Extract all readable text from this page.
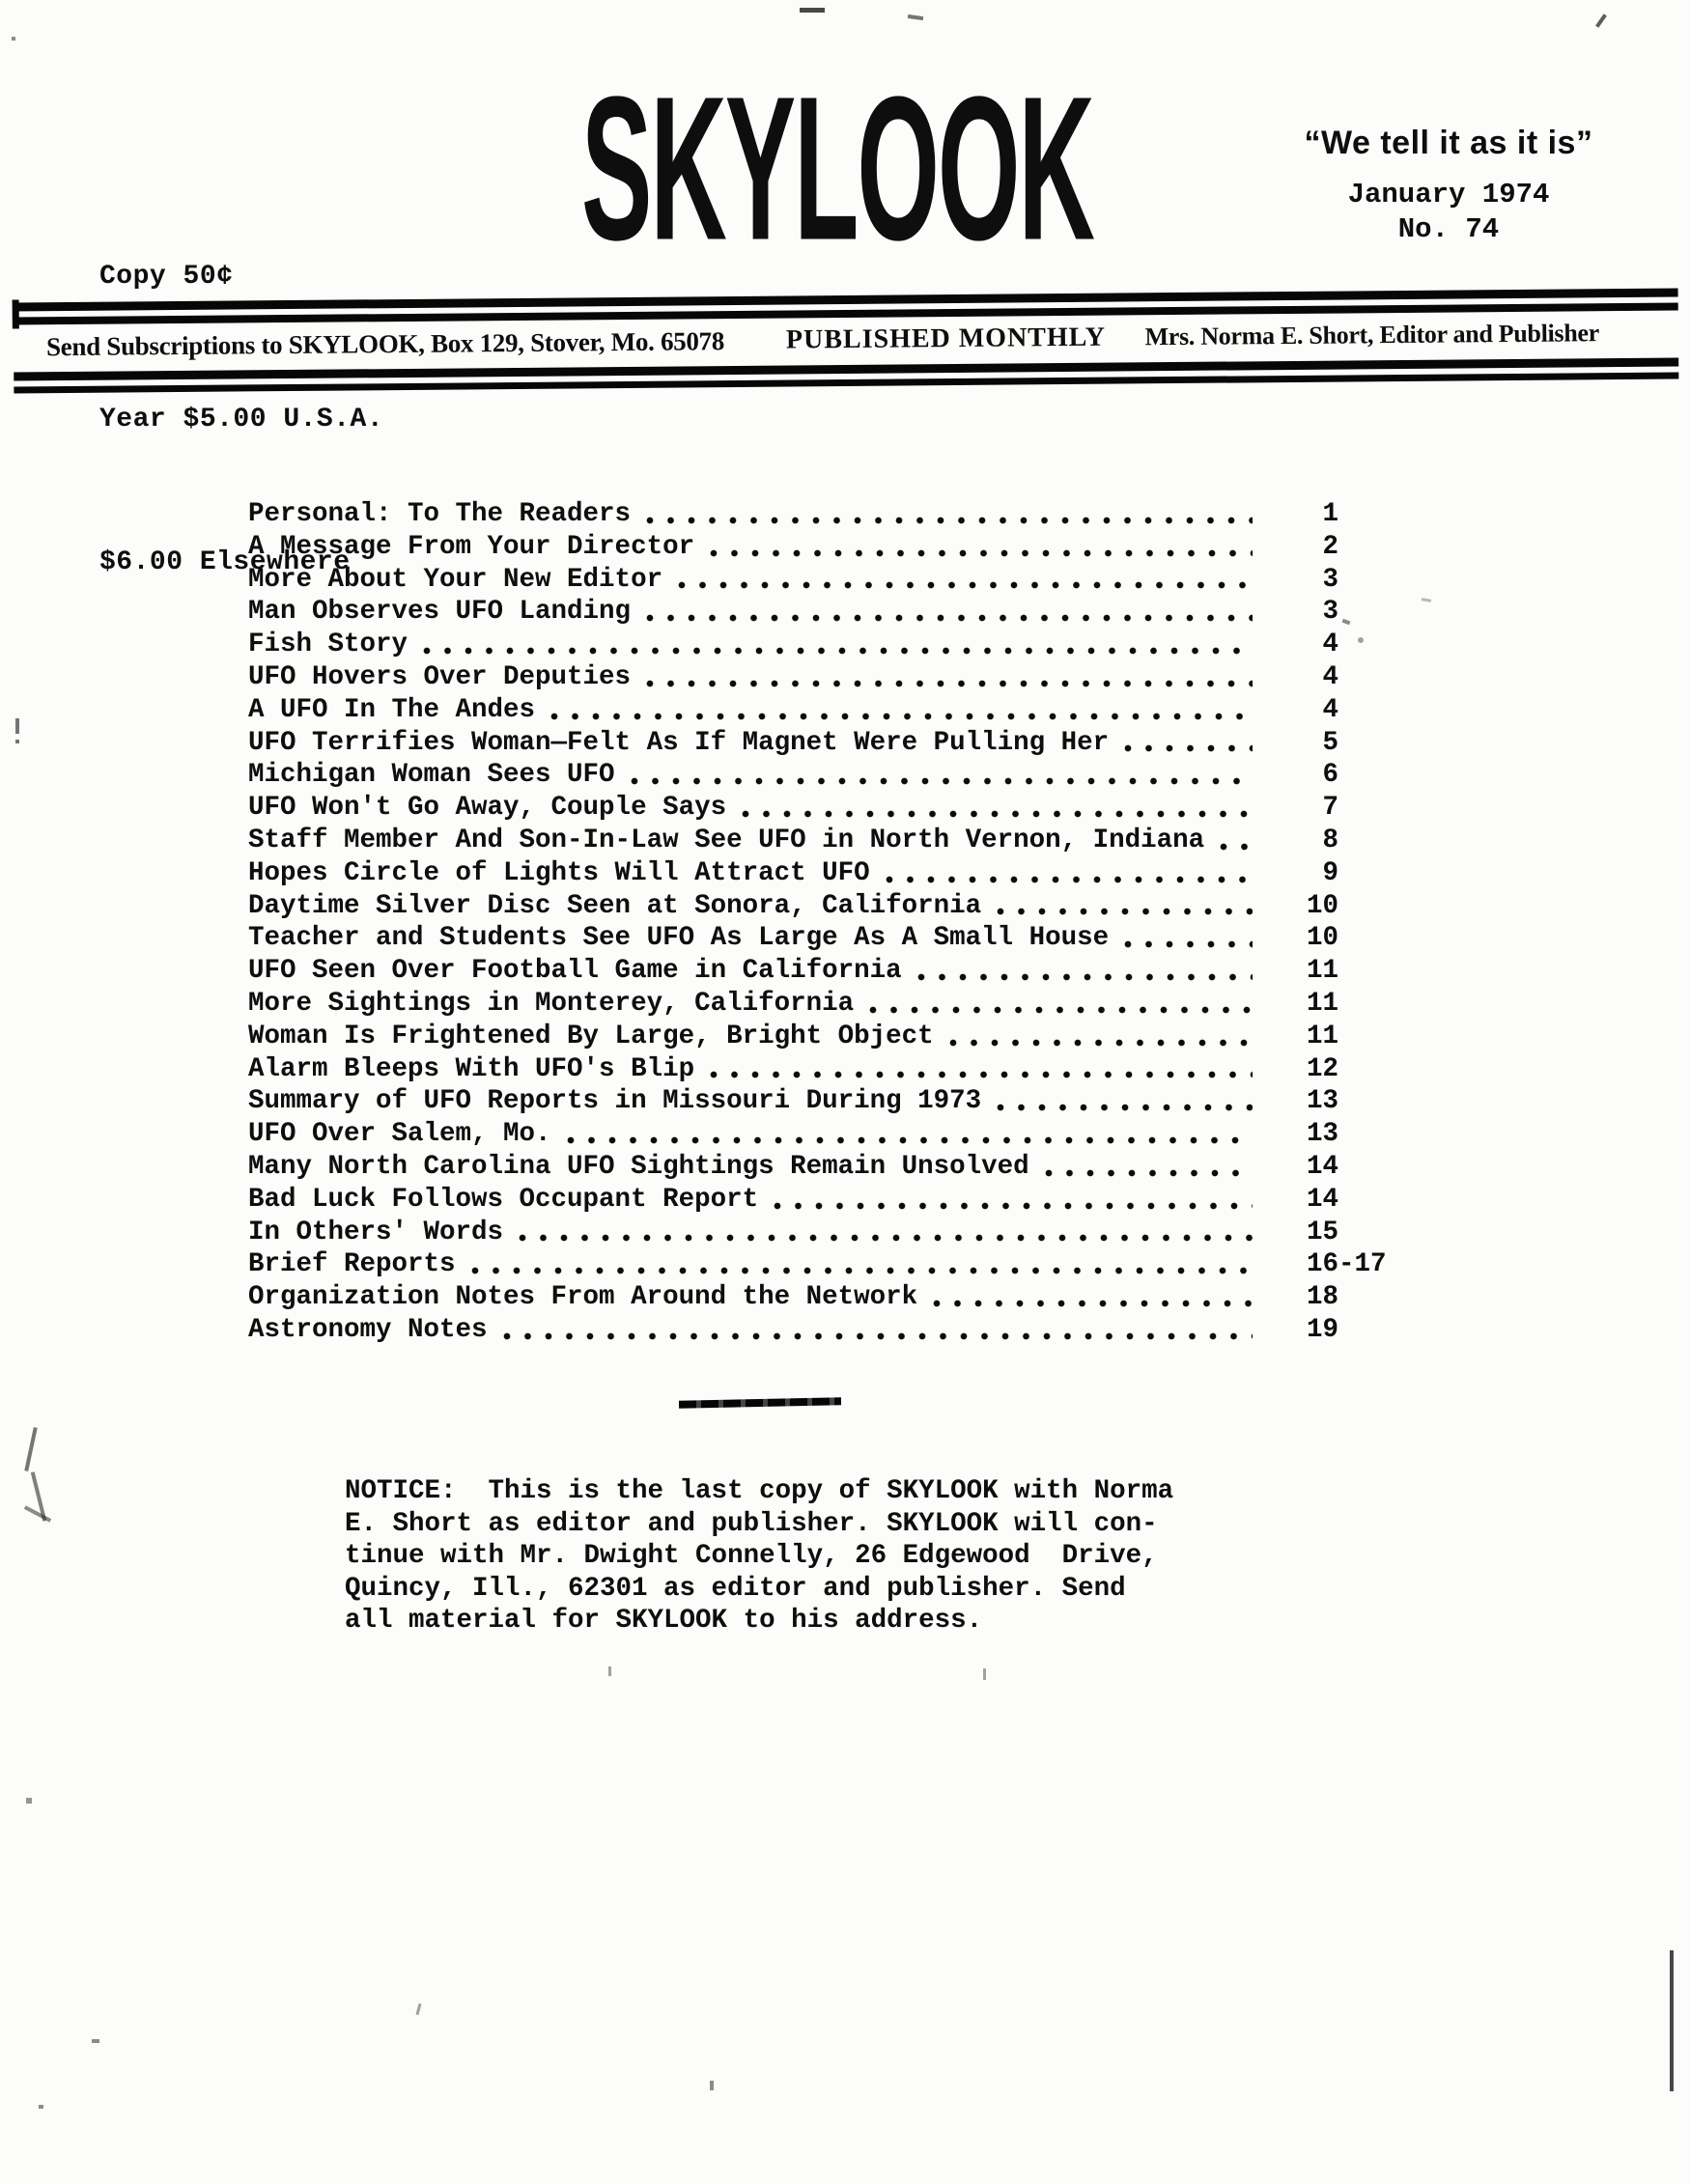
Copy 50¢

Year $5.00 U.S.A.

$6.00 Elsewhere

SKYLOOK	“We tell it as it is”
January 1974
No. 74
Send Subscriptions to SKYLOOK, Box 129, Stover, Mo. 65078 PUBLISHED MONTHLY Mrs. Norma E. Short, Editor and Publisher
Personal: To The Readers	1
A Message From Your Director	2
More About Your New Editor	3
Man Observes UFO Landing	3
Fish Story	4
UFO Hovers Over Deputies	4
A UFO In The Andes	4
UFO Terrifies Woman—Felt As If Magnet Were Pulling Her	5
Michigan Woman Sees UFO	6
UFO Won't Go Away, Couple Says	7
Staff Member And Son-In-Law See UFO in North Vernon, Indiana	8
Hopes Circle of Lights Will Attract UFO	9
Daytime Silver Disc Seen at Sonora, California	10
Teacher and Students See UFO As Large As A Small House	10
UFO Seen Over Football Game in California	11
More Sightings in Monterey, California	11
Woman Is Frightened By Large, Bright Object	11
Alarm Bleeps With UFO's Blip	12
Summary of UFO Reports in Missouri During 1973	13
UFO Over Salem, Mo.	13
Many North Carolina UFO Sightings Remain Unsolved	14
Bad Luck Follows Occupant Report	14
In Others' Words	15
Brief Reports	16-17
Organization Notes From Around the Network	18
Astronomy Notes	19
NOTICE:  This is the last copy of SKYLOOK with Norma
E. Short as editor and publisher. SKYLOOK will con-
tinue with Mr. Dwight Connelly, 26 Edgewood  Drive,
Quincy, Ill., 62301 as editor and publisher. Send
all material for SKYLOOK to his address.
